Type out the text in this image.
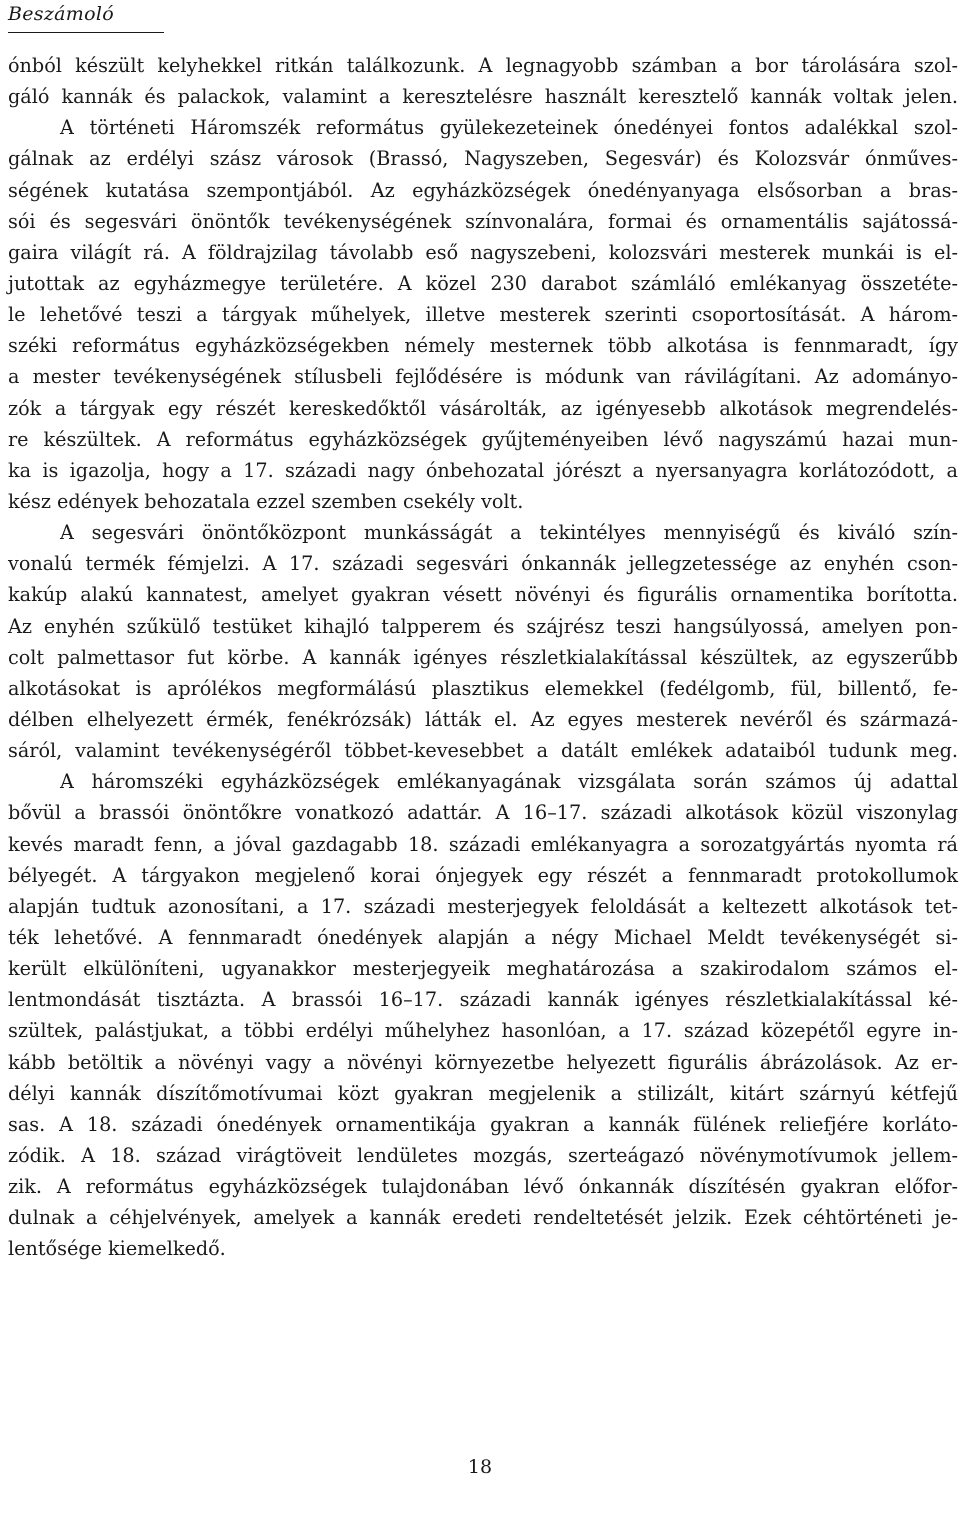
Beszámoló
ónból készült kelyhekkel ritkán találkozunk. A legnagyobb számban a bor tárolására szol-
gáló kannák és palackok, valamint a keresztelésre használt keresztelő kannák voltak jelen.
A történeti Háromszék református gyülekezeteinek ónedényei fontos adalékkal szol-
gálnak az erdélyi szász városok (Brassó, Nagyszeben, Segesvár) és Kolozsvár ónműves-
ségének kutatása szempontjából. Az egyházközségek ónedényanyaga elsősorban a bras-
sói és segesvári önöntők tevékenységének színvonalára, formai és ornamentális sajátossá-
gaira világít rá. A földrajzilag távolabb eső nagyszebeni, kolozsvári mesterek munkái is el-
jutottak az egyházmegye területére. A közel 230 darabot számláló emlékanyag összetéte-
le lehetővé teszi a tárgyak műhelyek, illetve mesterek szerinti csoportosítását. A három-
széki református egyházközségekben némely mesternek több alkotása is fennmaradt, így
a mester tevékenységének stílusbeli fejlődésére is módunk van rávilágítani. Az adományo-
zók a tárgyak egy részét kereskedőktől vásárolták, az igényesebb alkotások megrendelés-
re készültek. A református egyházközségek gyűjteményeiben lévő nagyszámú hazai mun-
ka is igazolja, hogy a 17. századi nagy ónbehozatal jórészt a nyersanyagra korlátozódott, a
kész edények behozatala ezzel szemben csekély volt.
A segesvári önöntőközpont munkásságát a tekintélyes mennyiségű és kiváló szín-
vonalú termék fémjelzi. A 17. századi segesvári ónkannák jellegzetessége az enyhén cson-
kakúp alakú kannatest, amelyet gyakran vésett növényi és figurális ornamentika borította.
Az enyhén szűkülő testüket kihajló talpperem és szájrész teszi hangsúlyossá, amelyen pon-
colt palmettasor fut körbe. A kannák igényes részletkialakítással készültek, az egyszerűbb
alkotásokat is aprólékos megformálású plasztikus elemekkel (fedélgomb, fül, billentő, fe-
délben elhelyezett érmék, fenékrózsák) látták el. Az egyes mesterek nevéről és származá-
sáról, valamint tevékenységéről többet-kevesebbet a datált emlékek adataiból tudunk meg.
A háromszéki egyházközségek emlékanyagának vizsgálata során számos új adattal
bővül a brassói önöntőkre vonatkozó adattár. A 16–17. századi alkotások közül viszonylag
kevés maradt fenn, a jóval gazdagabb 18. századi emlékanyagra a sorozatgyártás nyomta rá
bélyegét. A tárgyakon megjelenő korai ónjegyek egy részét a fennmaradt protokollumok
alapján tudtuk azonosítani, a 17. századi mesterjegyek feloldását a keltezett alkotások tet-
ték lehetővé. A fennmaradt ónedények alapján a négy Michael Meldt tevékenységét si-
került elkülöníteni, ugyanakkor mesterjegyeik meghatározása a szakirodalom számos el-
lentmondását tisztázta. A brassói 16–17. századi kannák igényes részletkialakítással ké-
szültek, palástjukat, a többi erdélyi műhelyhez hasonlóan, a 17. század közepétől egyre in-
kább betöltik a növényi vagy a növényi környezetbe helyezett figurális ábrázolások. Az er-
délyi kannák díszítőmotívumai közt gyakran megjelenik a stilizált, kitárt szárnyú kétfejű
sas. A 18. századi ónedények ornamentikája gyakran a kannák fülének reliefjére korláto-
zódik. A 18. század virágtöveit lendületes mozgás, szerteágazó növénymotívumok jellem-
zik. A református egyházközségek tulajdonában lévő ónkannák díszítésén gyakran előfor-
dulnak a céhjelvények, amelyek a kannák eredeti rendeltetését jelzik. Ezek céhtörténeti je-
lentősége kiemelkedő.
18
